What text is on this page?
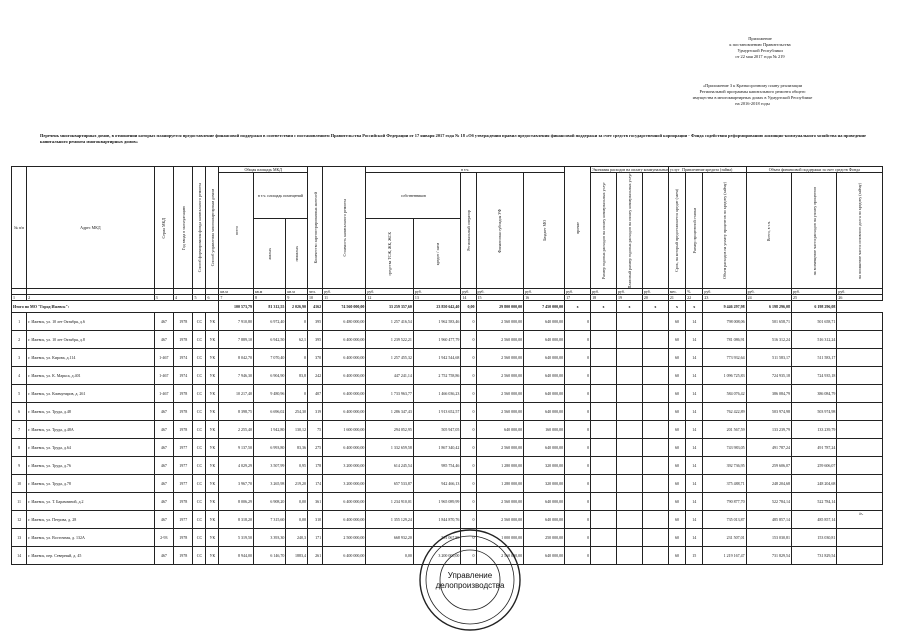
Приложение
к постановлению Правительства
Удмуртской Республики
от 22 мая 2017 года № 219
«Приложение 3 к Краткосрочному плану реализации
Региональной программы капитального ремонта общего
имущества в многоквартирных домах в Удмуртской Республике
на 2016-2018 годы
Перечень многоквартирных домов, в отношении которых планируется предоставление финансовой поддержки в соответствии с постановлением Правительства Российской Федерации от 17 января 2017 года № 18 «Об утверждении правил предоставления финансовой поддержки за счет средств государственной корпорации - Фонда содействия реформированию жилищно-коммунального хозяйства на проведение капитального ремонта многоквартирных домов»
№ п/п	Адрес МКД	Серия МКД	Год ввода в эксплуатацию	Способ формирования фонда капитального ремонта	Способ управления многоквартирным домом	Общая площадь МКД			Количество зарегистрированных жителей	Стоимость капитального ремонта	в т.ч.					прочие	Экономия расходов на оплату коммунальных услуг			Привлечение кредита (займа)			Объем финансовой поддержки за счет средств Фонда		

						всего	в т.ч. площадь помещений				собственников		Региональный оператор	Финансовая субсидия УФ	Бюджет МО		Размер годовых расходов на оплату коммунальных услуг	Плановый размер годовых расходов на оплату коммунальных услуг		Срок, на который предоставляется кредит (заем)	Размер процентной ставки	Объем расходов на уплату процентов по кредиту (займу)	Всего, в т.ч.	на возмещение части расходов на уплату процентов	на погашение части основного долга по кредиту (займу)

							жилых	нежилых			средства ТСЖ, ЖК, ЖСК	кредит / заем													

						кв.м	кв.м	кв.м	чел.	руб.	руб.	руб.	руб.	руб.	руб.	руб.	руб.	руб.	руб.	мес.	%	руб.	руб.	руб.	руб.
1	2	3	4	5	6	7	8	9	10	11	12	13	14	15	16	17	18	19	20	21	22	23	24	25	26
Итого по МО "Город Ижевск":						100 573,79	81 312,55	2 026,90	4162	74 560 000,00	33 259 357,60	23 850 642,40	0,00	29 800 000,00	7 450 000,00	x	x	x	x	x	x	9 446 297,98	6 198 296,08	6 198 296,08	
1	г. Ижевск, ул. 10 лет Октября, д.6	467	1978	СС	УК	7 910,80	6 972,40	0	395	6 480 000,00	1 257 416,54	1 962 583,46	0	2 560 000,00	640 000,00	0				60	14	798 008,06	501 658,71	501 658,71	
2	г. Ижевск, ул. 10 лет Октября, д.8	467	1978	СС	УК	7 889,10	6 942,50	62,1	395	6 400 000,00	1 239 522,21	1 960 477,79	0	2 560 000,00	640 000,00	0				60	14	781 086,91	516 312,24	516 312,24	
3	г. Ижевск, ул. Кирова, д.114	1-467	1974	СС	УК	8 042,70	7 070,40	0	370	6 400 000,00	1 257 455,32	1 942 544,68	0	2 560 000,00	640 000,00	0				60	14	773 932,64	511 583,17	511 583,17	
4	г. Ижевск, ул. К. Маркса, д.401	1-467	1974	СС	УК	7 946,30	6 904,90	83,8	242	6 400 000,00	447 241,14	2 752 758,86	0	2 560 000,00	640 000,00	0				60	14	1 096 725,83	724 935,18	724 935,18	
5	г. Ижевск, ул. Коммунаров, д. 261	1-467	1978	СС	УК	10 217,40	9 480,96	0	407	6 400 000,00	1 733 963,77	1 466 036,23	0	2 560 000,00	640 000,00	0				60	14	584 076,42	386 084,79	386 084,79	
6	г. Ижевск, ул. Труда, д.48	467	1978	СС	УК	8 398,75	6 696,02	254,30	319	6 400 000,00	1 286 347,43	1 913 652,57	0	2 560 000,00	640 000,00	0				60	14	762 422,89	503 974,98	503 974,98	
7	г. Ижевск, ул. Труда, д.48А	467	1978	СС	УК	2 255,40	1 942,80	130,12	75	1 600 000,00	294 052,95	505 947,05	0	640 000,00	160 000,00	0				60	14	201 567,59	133 239,79	133 239,79	
8	г. Ижевск, ул. Труда, д.64	467	1977	СС	УК	9 137,50	6 993,80	83,36	275	6 400 000,00	1 332 659,58	1 867 340,42	0	2 560 000,00	640 000,00	0				60	14	743 983,05	491 787,24	491 787,24	
9	г. Ижевск, ул. Труда, д.76	467	1977	СС	УК	4 029,29	3 507,99	0,95	178	3 200 000,00	614 245,54	985 754,46	0	1 280 000,00	320 000,00	0				60	14	392 736,95	259 606,07	259 606,07	
10	г. Ижевск, ул. Труда, д.78	467	1977	СС	УК	3 967,70	3 265,98	219,20	174	3 200 000,00	657 533,87	942 466,13	0	1 280 000,00	320 000,00	0				60	14	375 488,71	248 204,68	248 204,68	
11	г. Ижевск, ул. Т. Барамзиной, д.2	467	1978	СС	УК	8 006,29	6 908,20	0,00	361	6 400 000,00	1 234 910,01	1 965 089,99	0	2 560 000,00	640 000,00	0				60	14	790 877,70	522 784,14	522 784,14	
12	г. Ижевск, ул. Петрова, д. 28	467	1977	СС	УК	8 318,20	7 315,60	0,00	310	6 400 000,00	1 355 129,24	1 844 870,76	0	2 560 000,00	640 000,00	0				60	14	735 013,87	485 857,14	485 857,14	
13	г. Ижевск, ул. Восточная, д. 132А	2-93	1978	СС	УК	5 319,50	3 393,30	240,3	171	2 500 000,00	668 932,20	561 067,80	0	1 000 000,00	250 000,00	0				60	14	231 507,01	153 030,81	153 030,81	
14	г. Ижевск, пер. Северный, д. 45	467	1978	СС	УК	8 944,00	6 146,70	1883,4	261	6 400 000,00	0,00	3 200 000,00	0	2 560 000,00	640 000,00	0				60	15	1 219 167,47	731 829,54	731 829,54	
Управление
делопроизводства
».
